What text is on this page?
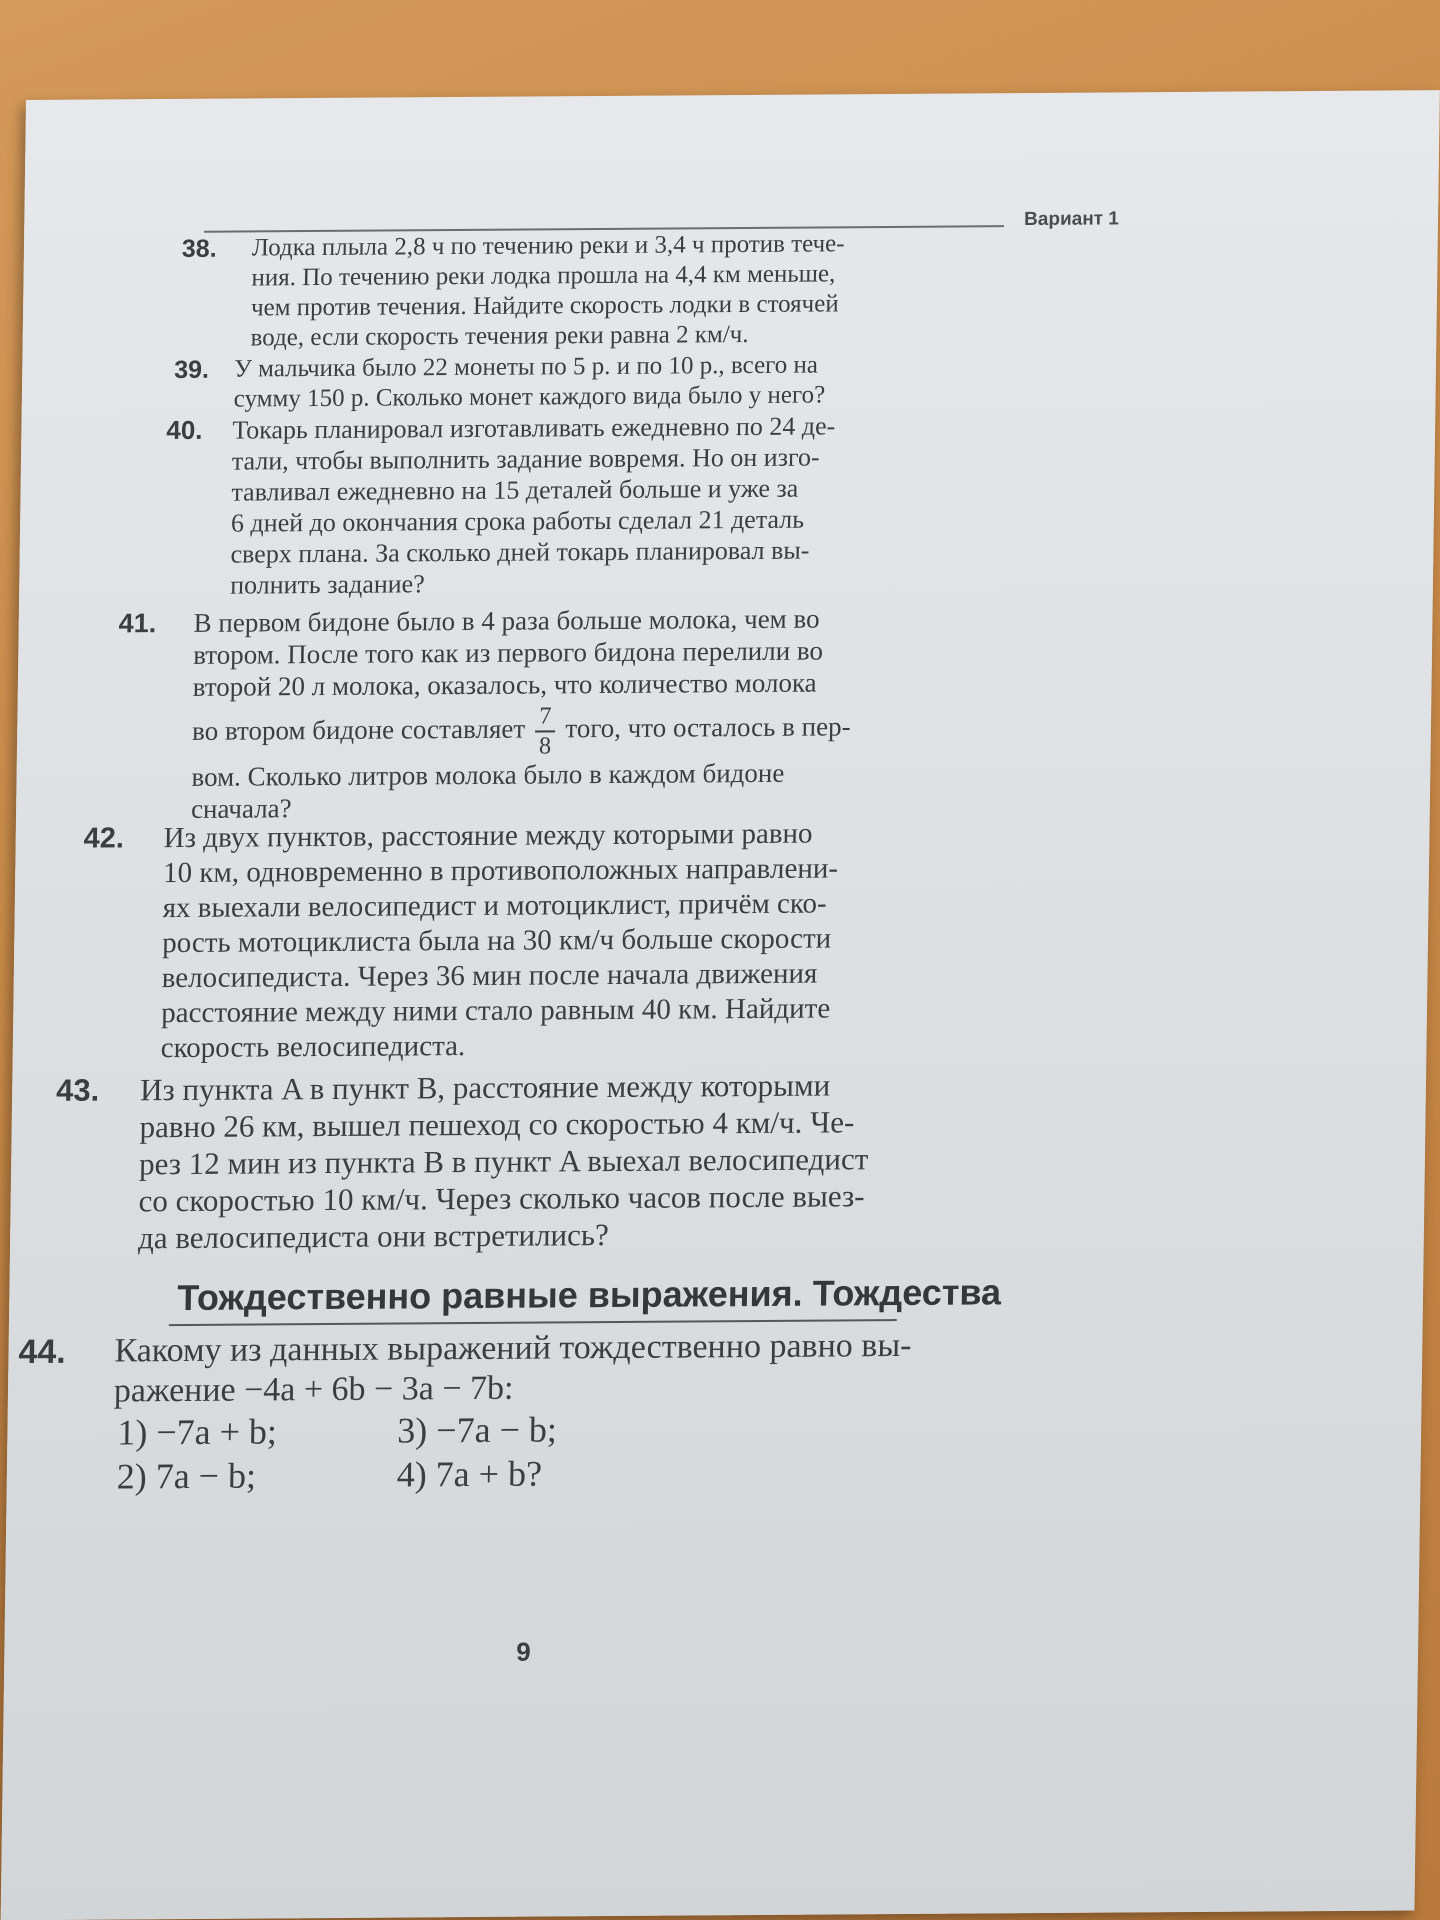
Вариант 1
38. Лодка плыла 2,8 ч по течению реки и 3,4 ч против тече-

ния. По течению реки лодка прошла на 4,4 км меньше,

чем против течения. Найдите скорость лодки в стоячей

воде, если скорость течения реки равна 2 км/ч.

39. У мальчика было 22 монеты по 5 р. и по 10 р., всего на

сумму 150 р. Сколько монет каждого вида было у него?

40. Токарь планировал изготавливать ежедневно по 24 де-

тали, чтобы выполнить задание вовремя. Но он изго-

тавливал ежедневно на 15 деталей больше и уже за

6 дней до окончания срока работы сделал 21 деталь

сверх плана. За сколько дней токарь планировал вы-

полнить задание?

41. В первом бидоне было в 4 раза больше молока, чем во

втором. После того как из первого бидона перелили во

второй 20 л молока, оказалось, что количество молока

во втором бидоне составляет $\frac{7}{8}$ того, что осталось в пер-

вом. Сколько литров молока было в каждом бидоне

сначала?

42. Из двух пунктов, расстояние между которыми равно

10 км, одновременно в противоположных направлени-

ях выехали велосипедист и мотоциклист, причём ско-

рость мотоциклиста была на 30 км/ч больше скорости

велосипедиста. Через 36 мин после начала движения

расстояние между ними стало равным 40 км. Найдите

скорость велосипедиста.

43. Из пункта A в пункт B, расстояние между которыми

равно 26 км, вышел пешеход со скоростью 4 км/ч. Че-

рез 12 мин из пункта B в пункт A выехал велосипедист

со скоростью 10 км/ч. Через сколько часов после выез-

да велосипедиста они встретились?

Тождественно равные выражения. Тождества
44. Какому из данных выражений тождественно равно вы-

ражение −4a + 6b − 3a − 7b:

1) −7a + b;	3) −7a − b;
2) 7a − b;	4) 7a + b?
9
